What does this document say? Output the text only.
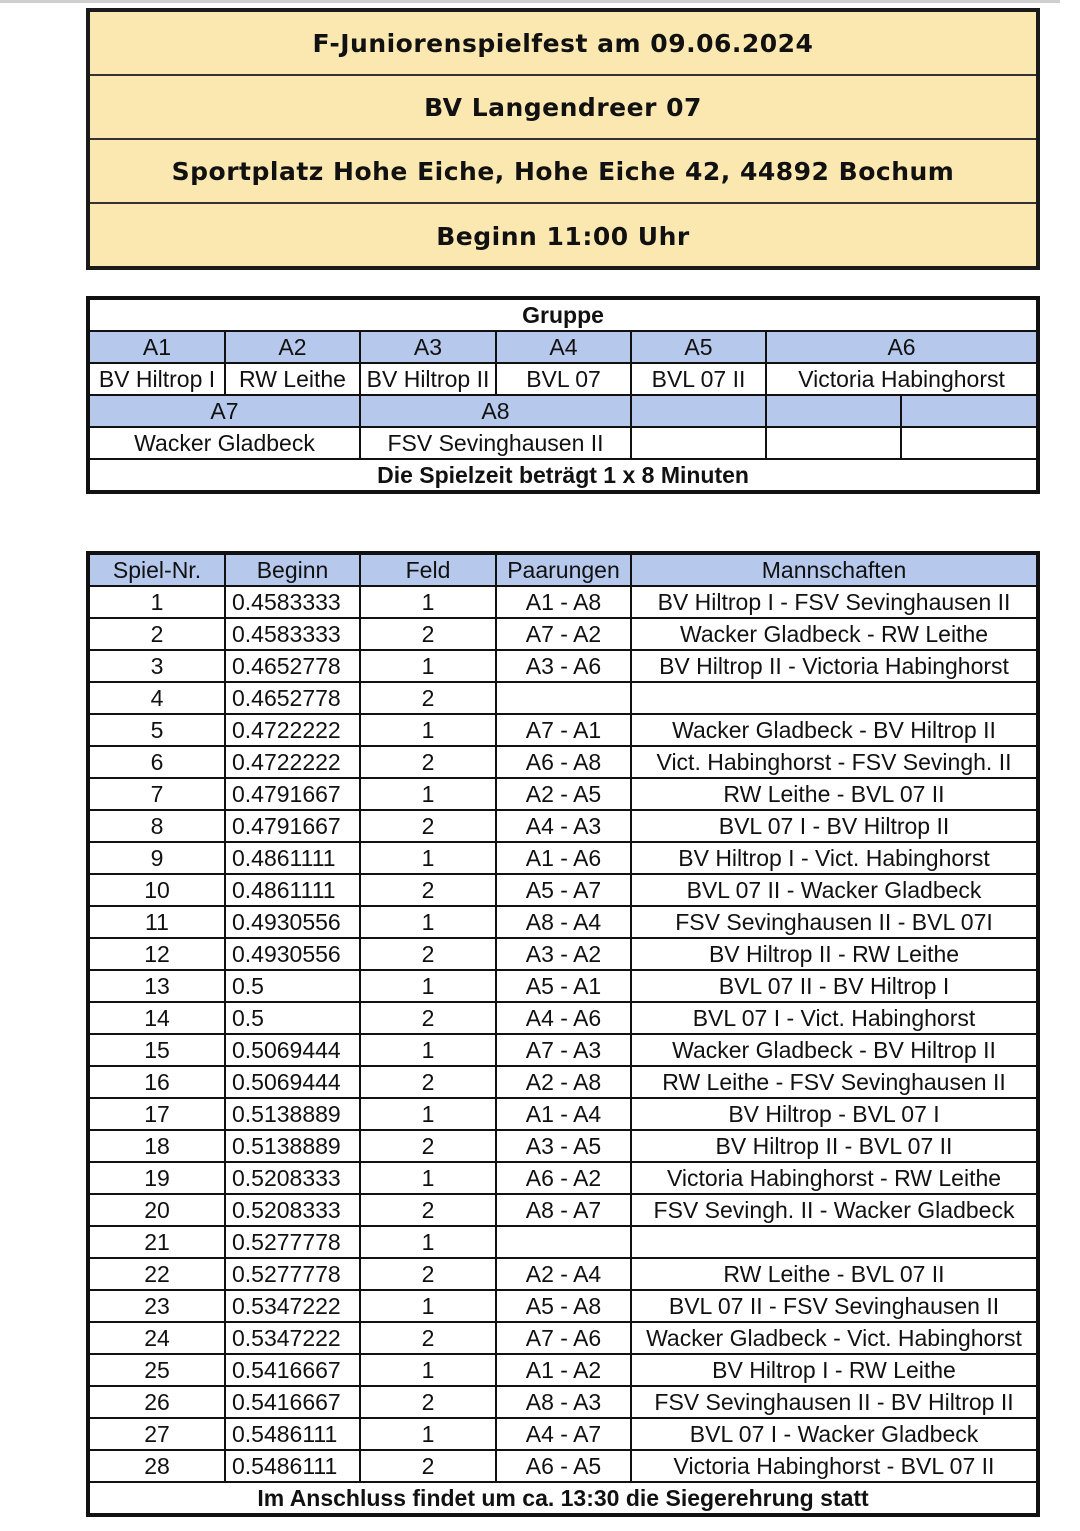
F-Juniorenspielfest am 09.06.2024
BV Langendreer 07
Sportplatz Hohe Eiche, Hohe Eiche 42, 44892 Bochum
Beginn 11:00 Uhr
Gruppe						
A1	A2	A3	A4	A5	A6	
BV Hiltrop I	RW Leithe	BV Hiltrop II	BVL 07	BVL 07 II	Victoria Habinghorst	
A7		A8				
Wacker Gladbeck		FSV Sevinghausen II				
Die Spielzeit beträgt 1 x 8 Minuten						
Spiel-Nr.	Beginn	Feld	Paarungen	Mannschaften
1	0.4583333	1	A1 - A8	BV Hiltrop I - FSV Sevinghausen II
2	0.4583333	2	A7 - A2	Wacker Gladbeck - RW Leithe
3	0.4652778	1	A3 - A6	BV Hiltrop II - Victoria Habinghorst
4	0.4652778	2		
5	0.4722222	1	A7 - A1	Wacker Gladbeck - BV Hiltrop II
6	0.4722222	2	A6 - A8	Vict. Habinghorst - FSV Sevingh. II
7	0.4791667	1	A2 - A5	RW Leithe - BVL 07 II
8	0.4791667	2	A4 - A3	BVL 07 I - BV Hiltrop II
9	0.4861111	1	A1 - A6	BV Hiltrop I - Vict. Habinghorst
10	0.4861111	2	A5 - A7	BVL 07 II - Wacker Gladbeck
11	0.4930556	1	A8 - A4	FSV Sevinghausen II - BVL 07I
12	0.4930556	2	A3 - A2	BV Hiltrop II - RW Leithe
13	0.5	1	A5 - A1	BVL 07 II - BV Hiltrop I
14	0.5	2	A4 - A6	BVL 07 I - Vict. Habinghorst
15	0.5069444	1	A7 - A3	Wacker Gladbeck - BV Hiltrop II
16	0.5069444	2	A2 - A8	RW Leithe - FSV Sevinghausen II
17	0.5138889	1	A1 - A4	BV Hiltrop - BVL 07 I
18	0.5138889	2	A3 - A5	BV Hiltrop II - BVL 07 II
19	0.5208333	1	A6 - A2	Victoria Habinghorst - RW Leithe
20	0.5208333	2	A8 - A7	FSV Sevingh. II - Wacker Gladbeck
21	0.5277778	1		
22	0.5277778	2	A2 - A4	RW Leithe - BVL 07 II
23	0.5347222	1	A5 - A8	BVL 07 II - FSV Sevinghausen II
24	0.5347222	2	A7 - A6	Wacker Gladbeck - Vict. Habinghorst
25	0.5416667	1	A1 - A2	BV Hiltrop I - RW Leithe
26	0.5416667	2	A8 - A3	FSV Sevinghausen II - BV Hiltrop II
27	0.5486111	1	A4 - A7	BVL 07 I - Wacker Gladbeck
28	0.5486111	2	A6 - A5	Victoria Habinghorst - BVL 07 II
Im Anschluss findet um ca. 13:30 die Siegerehrung statt				
